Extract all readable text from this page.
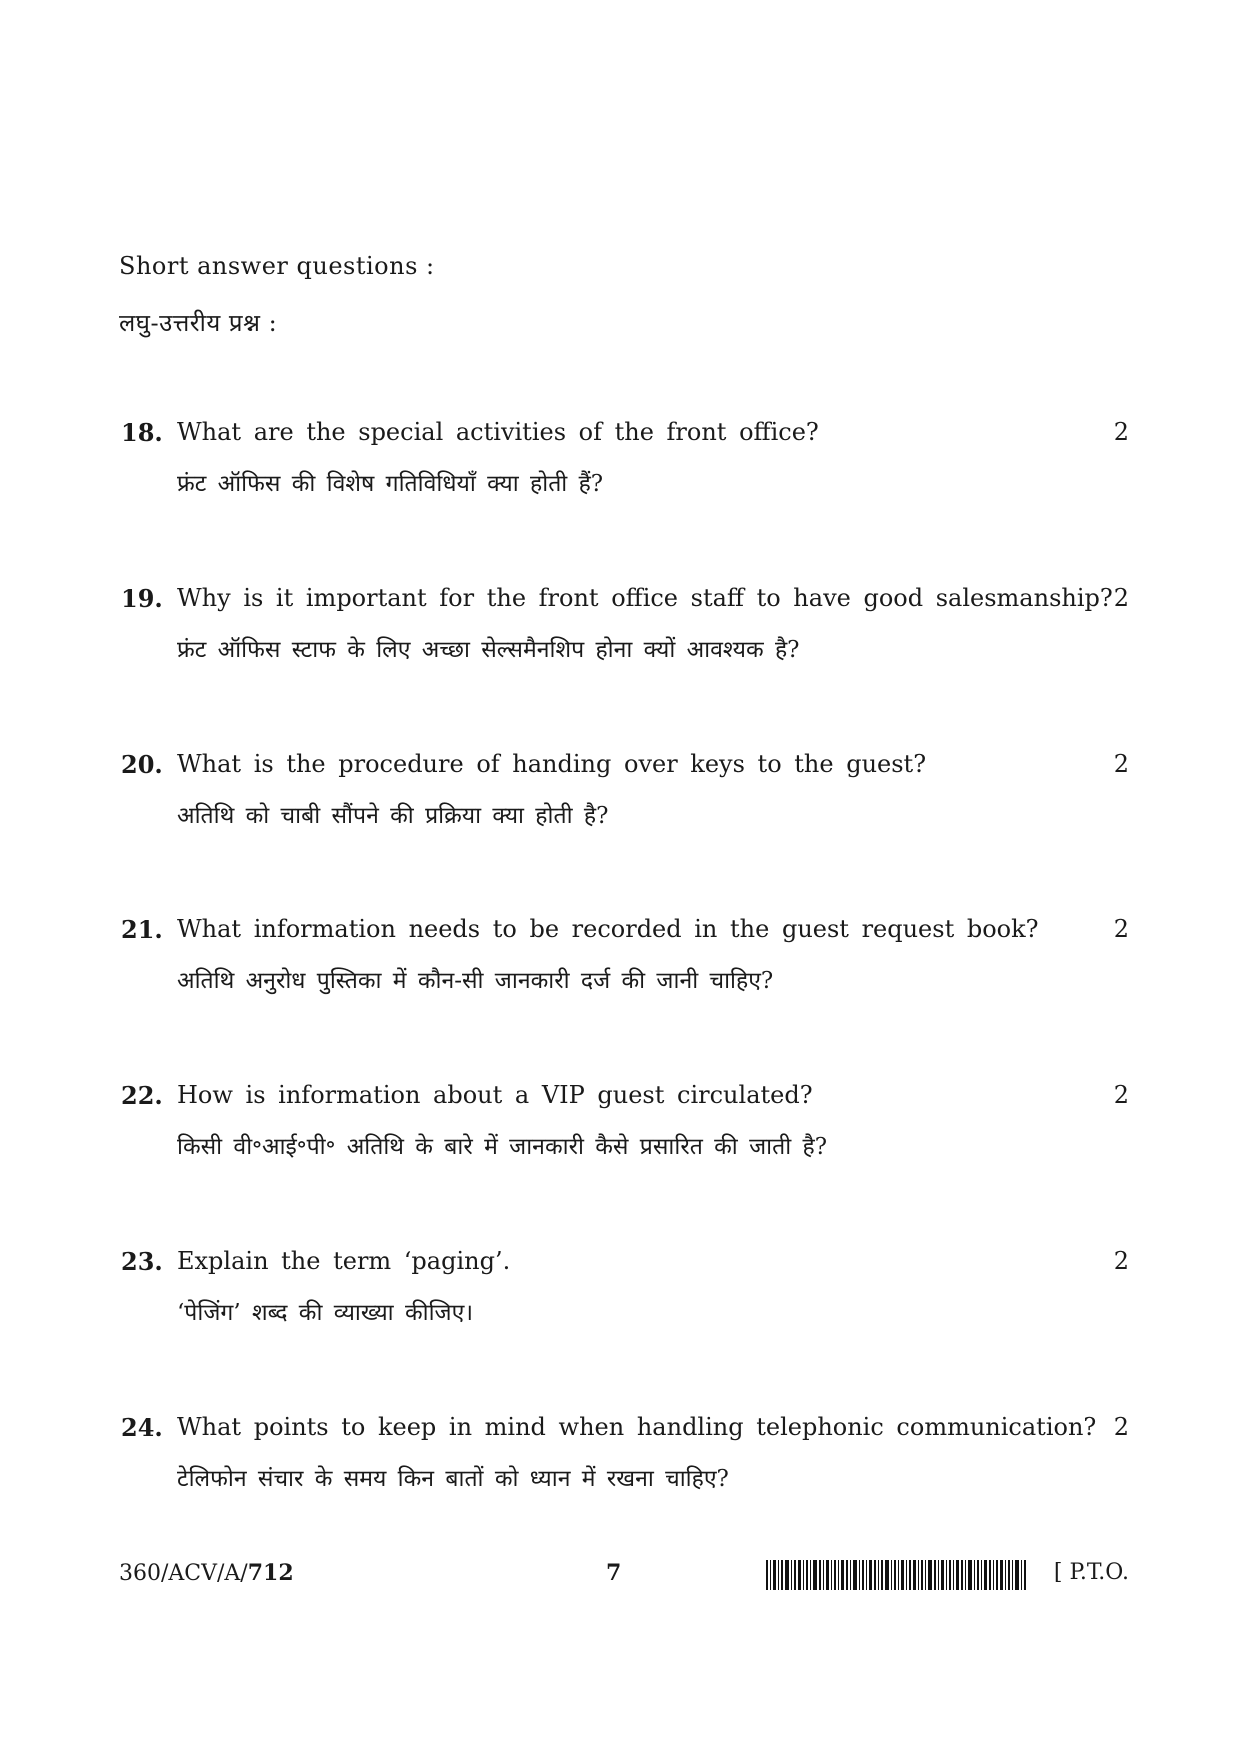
Short answer questions :
लघु-उत्तरीय प्रश्न :
18. What are the special activities of the front office?
फ्रंट ऑफिस की विशेष गतिविधियाँ क्या होती हैं?
2
19. Why is it important for the front office staff to have good salesmanship?
फ्रंट ऑफिस स्टाफ के लिए अच्छा सेल्समैनशिप होना क्यों आवश्यक है?
2
20. What is the procedure of handing over keys to the guest?
अतिथि को चाबी सौंपने की प्रक्रिया क्या होती है?
2
21. What information needs to be recorded in the guest request book?
अतिथि अनुरोध पुस्तिका में कौन-सी जानकारी दर्ज की जानी चाहिए?
2
22. How is information about a VIP guest circulated?
किसी वी॰आई॰पी॰ अतिथि के बारे में जानकारी कैसे प्रसारित की जाती है?
2
23. Explain the term ‘paging’.
‘पेजिंग’ शब्द की व्याख्या कीजिए।
2
24. What points to keep in mind when handling telephonic communication?
टेलिफोन संचार के समय किन बातों को ध्यान में रखना चाहिए?
2
360/ACV/A/712	7	[ P.T.O.
